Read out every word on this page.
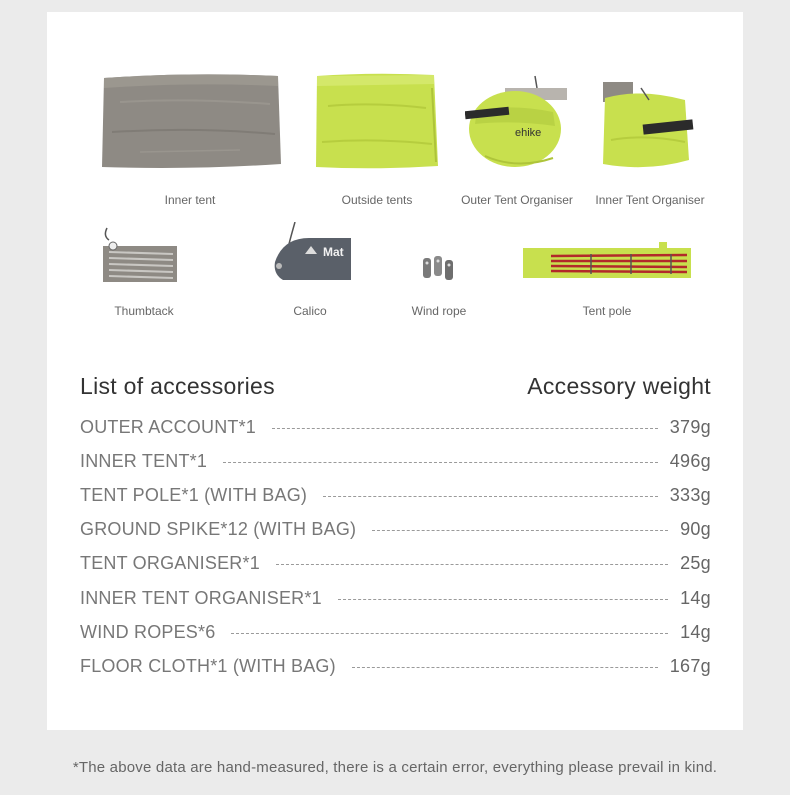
Inner tent	Outside tents
ehike
Outer Tent Organiser	Inner Tent Organiser
Thumbtack
Mat
Calico	Wind rope	Tent pole
List of accessories	Accessory weight
OUTER ACCOUNT*1	379g
INNER TENT*1	496g
TENT POLE*1 (WITH BAG)	333g
GROUND SPIKE*12 (WITH BAG)	90g
TENT ORGANISER*1	25g
INNER TENT ORGANISER*1	14g
WIND ROPES*6	14g
FLOOR CLOTH*1 (WITH BAG)	167g
*The above data are hand-measured, there is a certain error, everything please prevail in kind.
